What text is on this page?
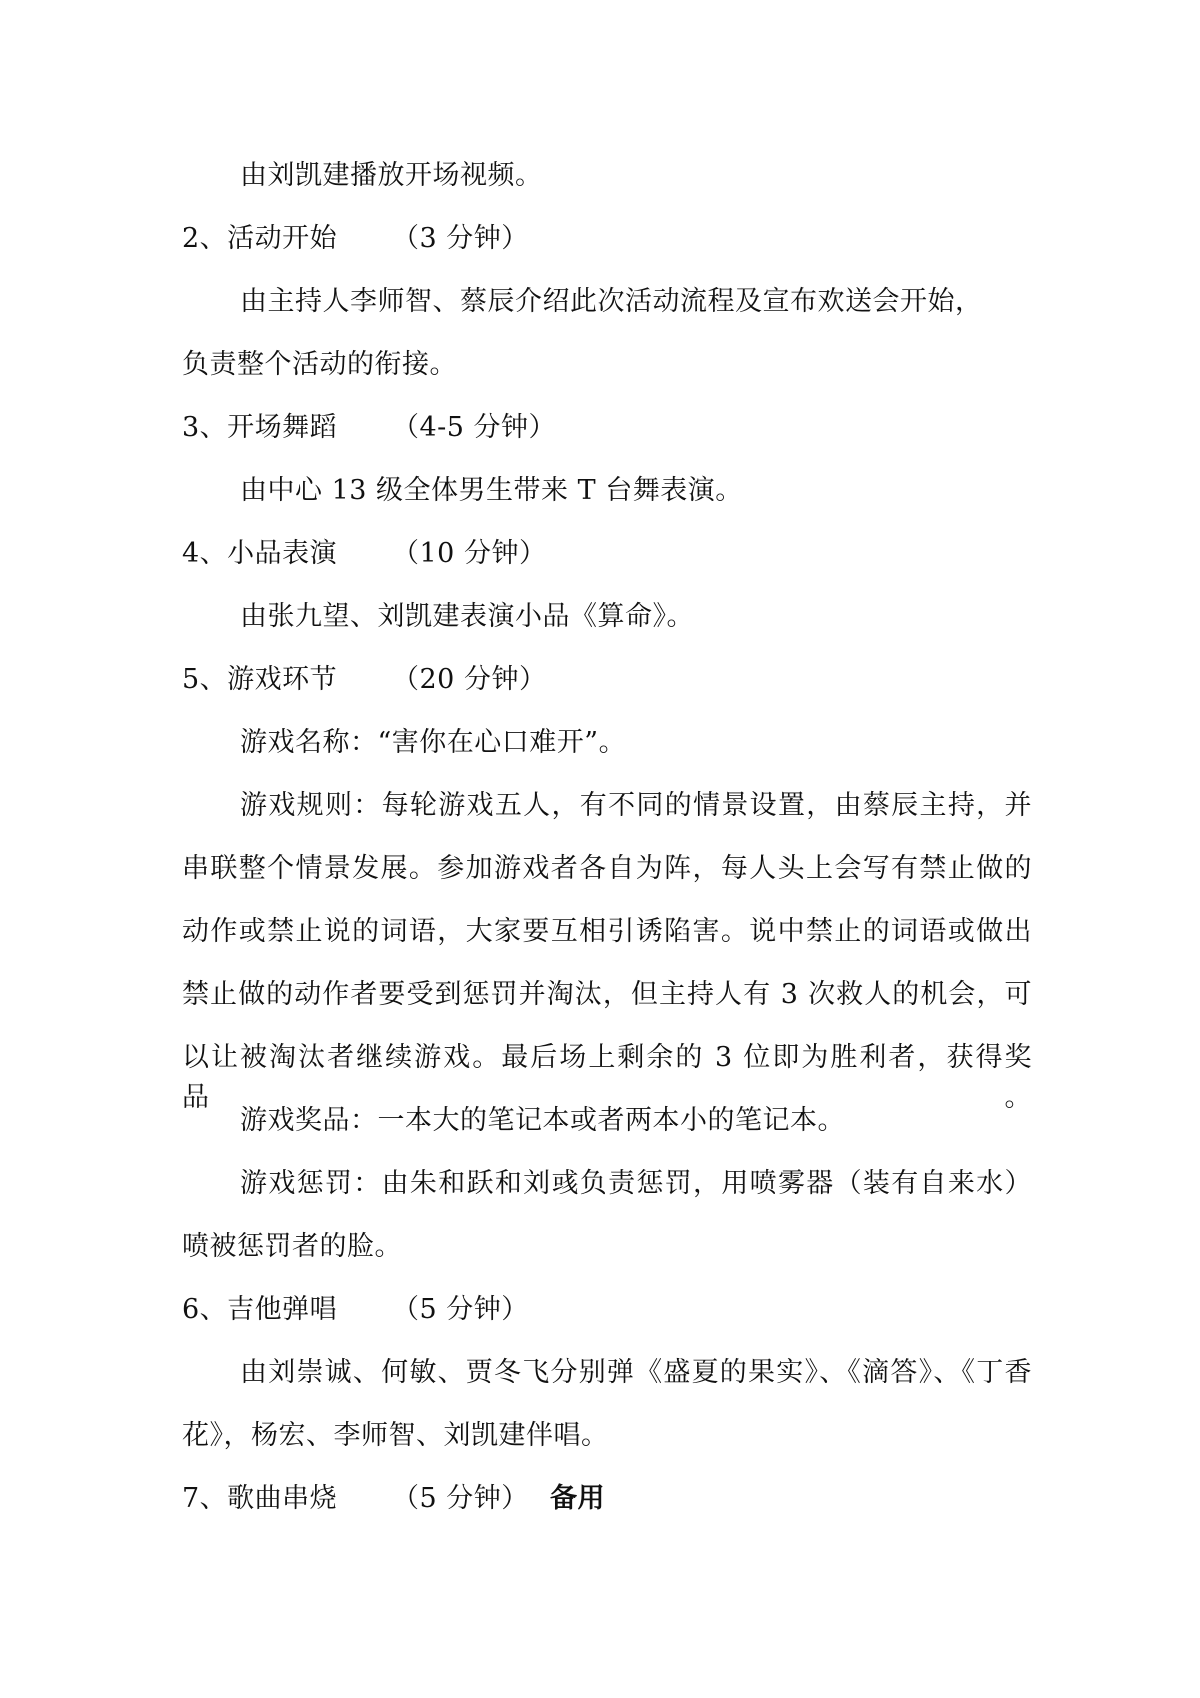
由刘凯建播放开场视频。
2、活动开始 （3 分钟）
由主持人李师智、蔡辰介绍此次活动流程及宣布欢送会开始，
负责整个活动的衔接。
3、开场舞蹈 （4-5 分钟）
由中心 13 级全体男生带来 T 台舞表演。
4、小品表演 （10 分钟）
由张九望、刘凯建表演小品《算命》。
5、游戏环节 （20 分钟）
游戏名称：“害你在心口难开”。
游戏规则：每轮游戏五人，有不同的情景设置，由蔡辰主持，并
串联整个情景发展。参加游戏者各自为阵，每人头上会写有禁止做的
动作或禁止说的词语，大家要互相引诱陷害。说中禁止的词语或做出
禁止做的动作者要受到惩罚并淘汰，但主持人有 3 次救人的机会，可
以让被淘汰者继续游戏。最后场上剩余的 3 位即为胜利者，获得奖品。
游戏奖品：一本大的笔记本或者两本小的笔记本。
游戏惩罚：由朱和跃和刘彧负责惩罚，用喷雾器（装有自来水）
喷被惩罚者的脸。
6、吉他弹唱 （5 分钟）
由刘崇诚、何敏、贾冬飞分别弹《盛夏的果实》、《滴答》、《丁香
花》，杨宏、李师智、刘凯建伴唱。
7、歌曲串烧 （5 分钟） 备用
